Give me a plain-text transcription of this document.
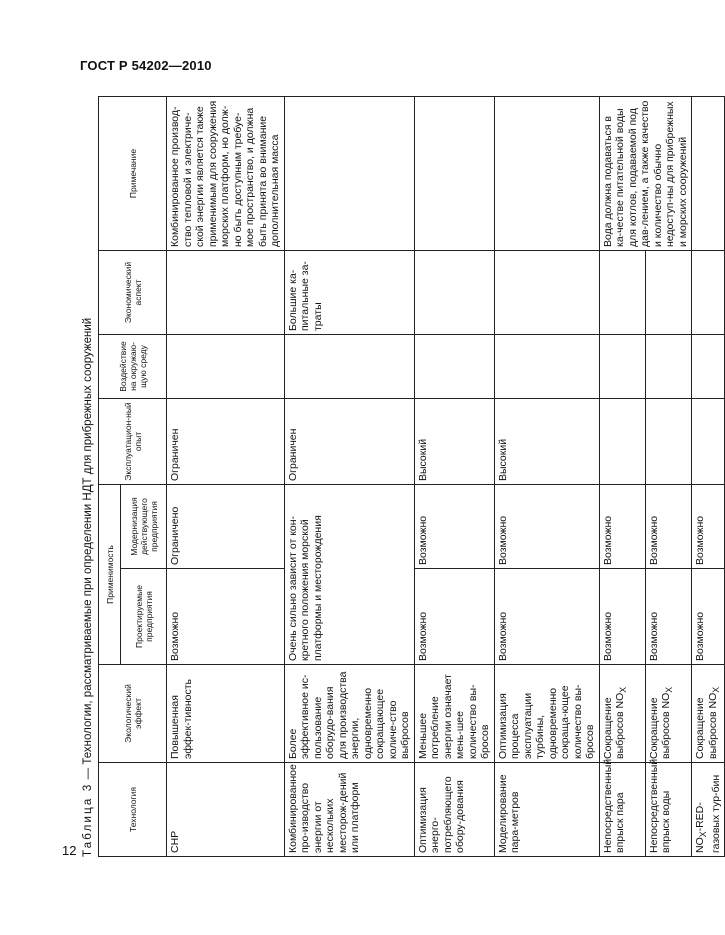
ГОСТ Р 54202—2010
12 Таблица 3 — Технологии, рассматриваемые при определении НДТ для прибрежных сооружений
Технология	Экологический эффект	Применимость		Эксплуатацион-ный опыт	Воздействие на окружаю-щую среду	Экономический аспект	Примечание
		Проектируемые предприятия	Модернизация действующего предприятия				
CHP	Повышенная эффек-тивность	Возможно	Ограничено	Ограничен			Комбинированное производ-ство тепловой и электриче-ской энергии является также применимым для сооружения морских платформ, но долж-но быть доступным требуе-мое пространство, и должна быть принята во внимание дополнительная масса
Комбинированное про-изводство энергии от нескольких месторож-дений или платформ	Более эффективное ис-пользование оборудо-вания для производства энергии, одновременно сокращающее количе-ство выбросов	Очень сильно зависит от кон-кретного положения морской платформы и месторождения		Ограничен		Большие ка-питальные за-траты	
Оптимизация энерго-потребляющего обору-дования	Меньшее потребление энергии означает мень-шее количество вы-бросов	Возможно	Возможно	Высокий			
Моделирование пара-метров	Оптимизация процесса эксплуатации турбины, одновременно сокраща-ющее количество вы-бросов	Возможно	Возможно	Высокий			
Непосредственный впрыск пара	Сокращение выбросов $NO_X$	Возможно	Возможно				Вода должна подаваться в ка-честве питательной воды для котлов, подаваемой под дав-лением, а также качество и количество обычно недоступ-ны для прибрежных и морских сооружений
Непосредственный впрыск воды	Сокращение выбросов $NO_X$	Возможно	Возможно				
$NO_X-RED$-газовых тур-бин	Сокращение выбросов $NO_X$	Возможно	Возможно				
